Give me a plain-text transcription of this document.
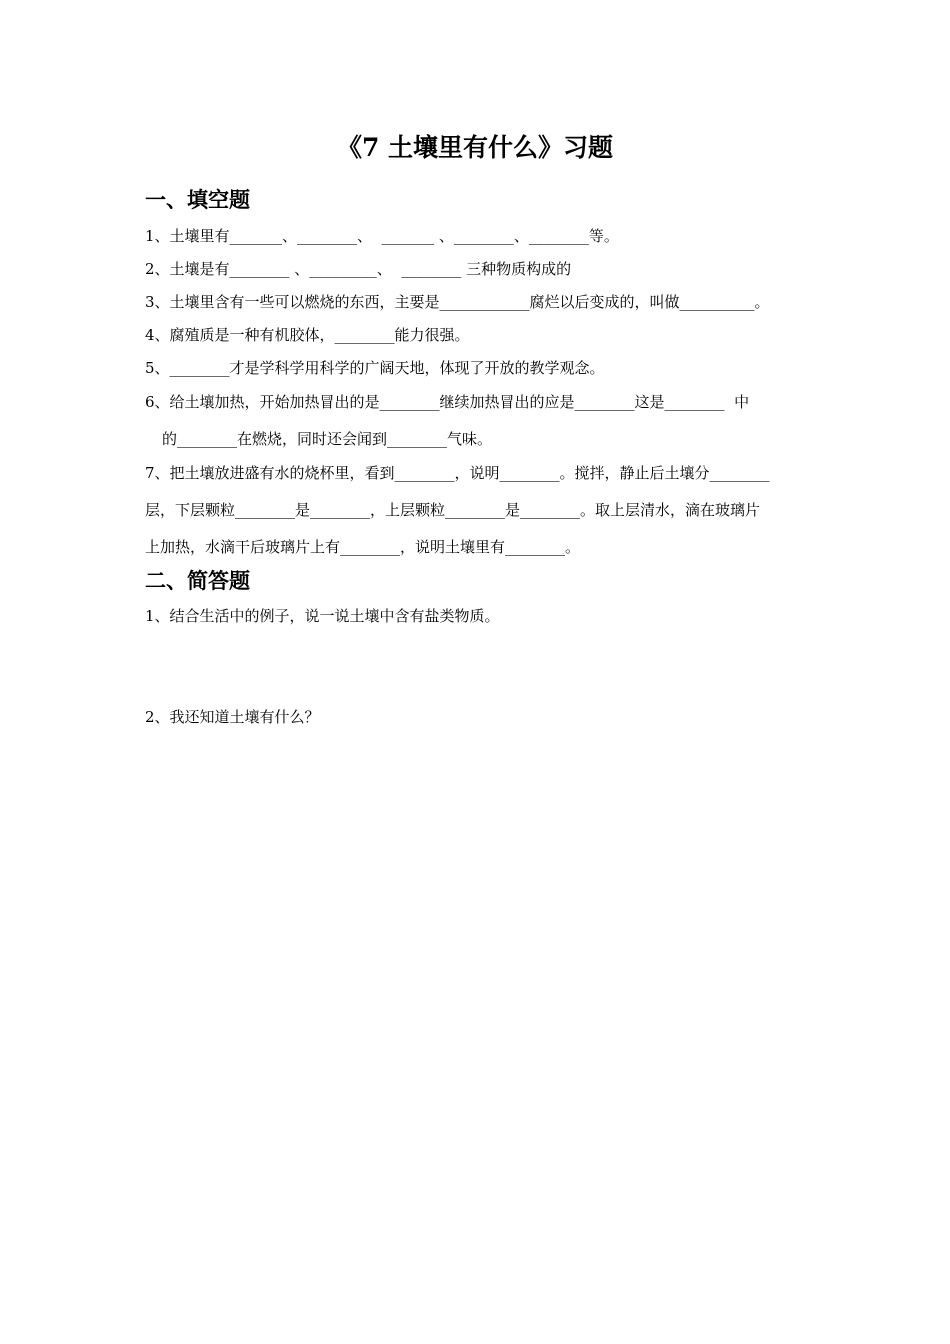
《7 土壤里有什么》习题
一、填空题
1、土壤里有_______、________、  _______ 、________、________等。
2、土壤是有________ 、_________、  ________ 三种物质构成的
3、土壤里含有一些可以燃烧的东西，主要是____________腐烂以后变成的，叫做__________。
4、腐殖质是一种有机胶体，________能力很强。
5、________才是学科学用科学的广阔天地，体现了开放的教学观念。
6、给土壤加热，开始加热冒出的是________继续加热冒出的应是________这是________  中
的________在燃烧，同时还会闻到________气味。
7、把土壤放进盛有水的烧杯里，看到________，说明________。搅拌，静止后土壤分________
层，下层颗粒________是________，上层颗粒________是________。取上层清水，滴在玻璃片
上加热，水滴干后玻璃片上有________，说明土壤里有________。
二、简答题
1、结合生活中的例子，说一说土壤中含有盐类物质。
2、我还知道土壤有什么？
